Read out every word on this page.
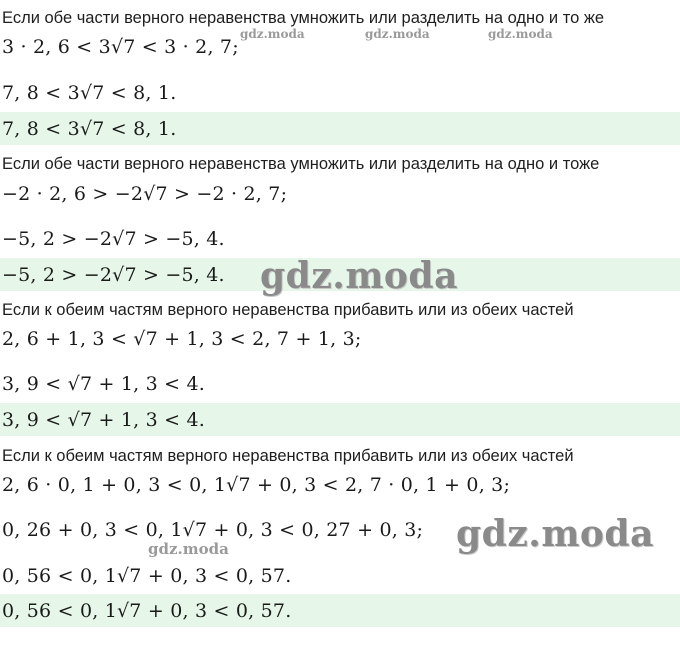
Если обе части верного неравенства умножить или разделить на одно и то же
3 · 2, 6 < 3√7 < 3 · 2, 7;
7, 8 < 3√7 < 8, 1.
7, 8 < 3√7 < 8, 1.
Если обе части верного неравенства умножить или разделить на одно и тоже
−2 · 2, 6 > −2√7 > −2 · 2, 7;
−5, 2 > −2√7 > −5, 4.
−5, 2 > −2√7 > −5, 4.
Если к обеим частям верного неравенства прибавить или из обеих частей
2, 6 + 1, 3 < √7 + 1, 3 < 2, 7 + 1, 3;
3, 9 < √7 + 1, 3 < 4.
3, 9 < √7 + 1, 3 < 4.
Если к обеим частям верного неравенства прибавить или из обеих частей
2, 6 · 0, 1 + 0, 3 < 0, 1√7 + 0, 3 < 2, 7 · 0, 1 + 0, 3;
0, 26 + 0, 3 < 0, 1√7 + 0, 3 < 0, 27 + 0, 3;
0, 56 < 0, 1√7 + 0, 3 < 0, 57.
0, 56 < 0, 1√7 + 0, 3 < 0, 57.
gdz.moda	gdz.moda	gdz.moda
gdz.moda
gdz.moda
gdz.moda
